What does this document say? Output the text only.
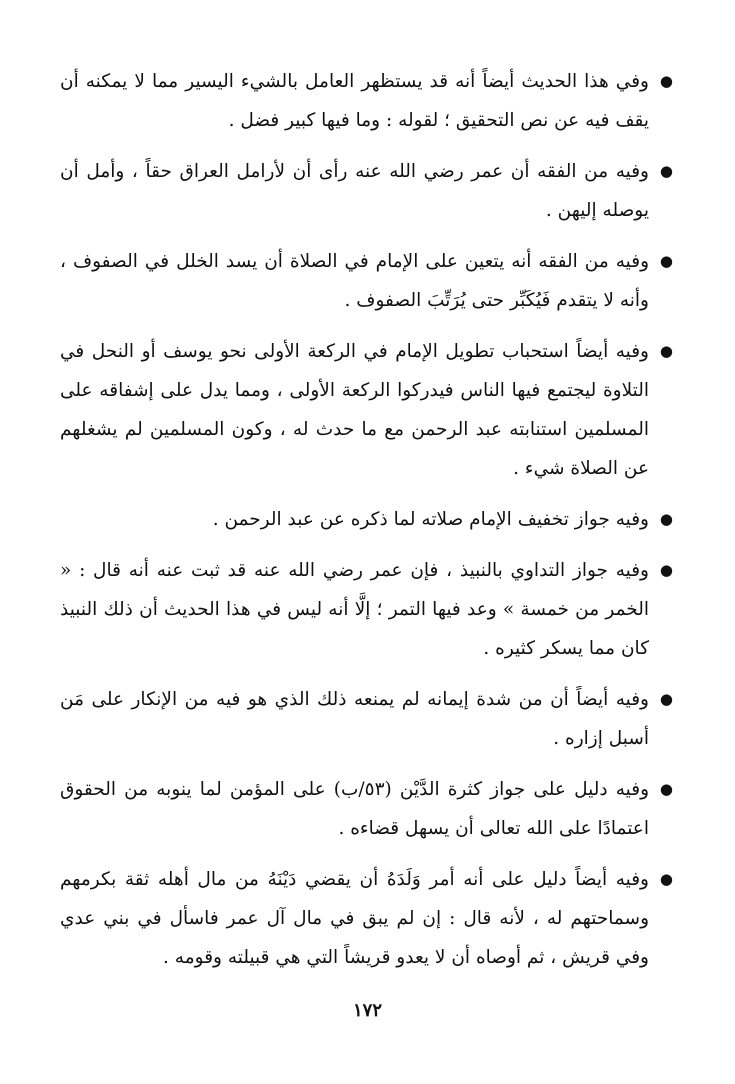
●
وفي هذا الحديث أيضاً أنه قد يستظهر العامل بالشيء اليسير مما لا يمكنه أن يقف فيه عن نص التحقيق ؛ لقوله : وما فيها كبير فضل .

●
وفيه من الفقه أن عمر رضي الله عنه رأى أن لأرامل العراق حقاً ، وأمل أن يوصله إليهن .

●
وفيه من الفقه أنه يتعين على الإمام في الصلاة أن يسد الخلل في الصفوف ، وأنه لا يتقدم فَيُكَبِّر حتى يُرَتِّبَ الصفوف .

●
وفيه أيضاً استحباب تطويل الإمام في الركعة الأولى نحو يوسف أو النحل في التلاوة ليجتمع فيها الناس فيدركوا الركعة الأولى ، ومما يدل على إشفاقه على المسلمين استنابته عبد الرحمن مع ما حدث له ، وكون المسلمين لم يشغلهم عن الصلاة شيء .

●
وفيه جواز تخفيف الإمام صلاته لما ذكره عن عبد الرحمن .

●
وفيه جواز التداوي بالنبيذ ، فإن عمر رضي الله عنه قد ثبت عنه أنه قال : « الخمر من خمسة » وعد فيها التمر ؛ إلَّا أنه ليس في هذا الحديث أن ذلك النبيذ كان مما يسكر كثيره .

●
وفيه أيضاً أن من شدة إيمانه لم يمنعه ذلك الذي هو فيه من الإنكار على مَن أسبل إزاره .

●
وفيه دليل على جواز كثرة الدَّيْن (٥٣/ب) على المؤمن لما ينوبه من الحقوق اعتمادًا على الله تعالى أن يسهل قضاءه .

●
وفيه أيضاً دليل على أنه أمر وَلَدَهُ أن يقضي دَيْنَهُ من مال أهله ثقة بكرمهم وسماحتهم له ، لأنه قال : إن لم يبق في مال آل عمر فاسأل في بني عدي وفي قريش ، ثم أوصاه أن لا يعدو قريشاً التي هي قبيلته وقومه .

١٧٢
